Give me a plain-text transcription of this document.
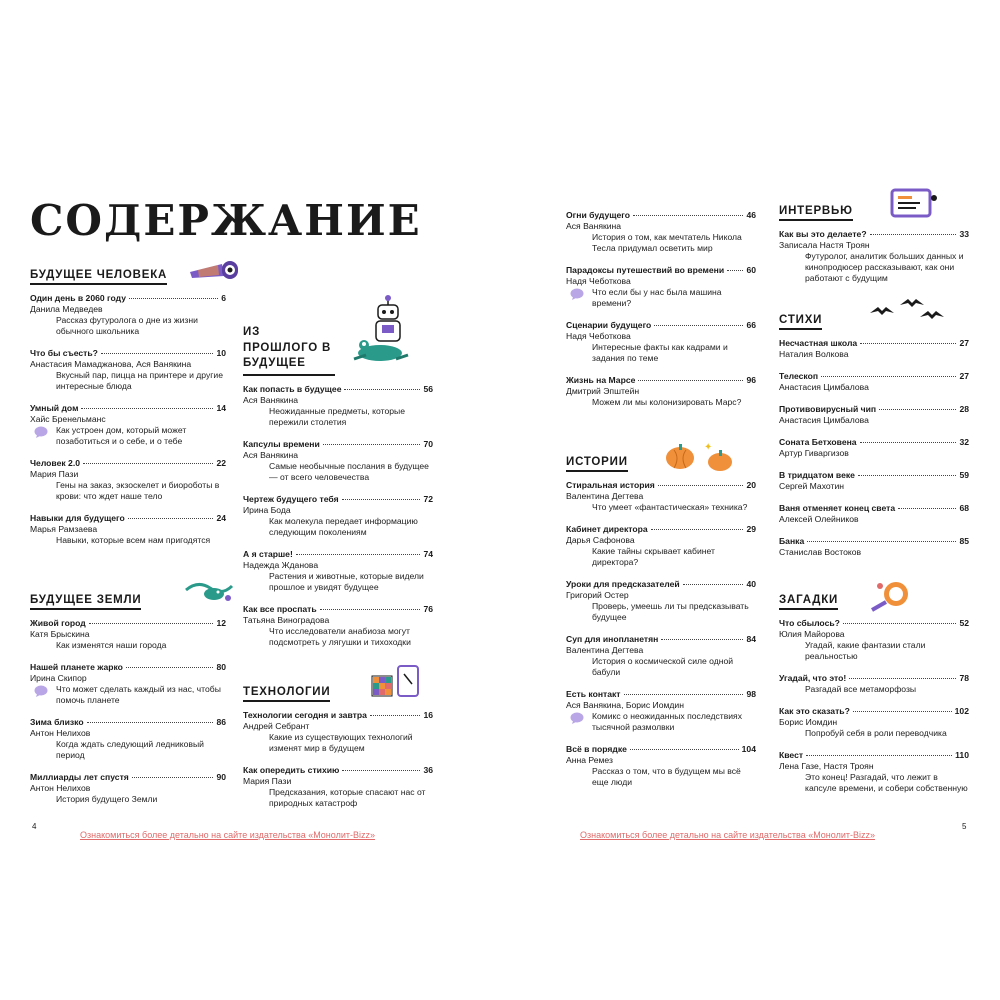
СОДЕРЖАНИЕ
БУДУЩЕЕ ЧЕЛОВЕКА
Один день в 2060 году	6
Данила Медведев
Рассказ футуролога о дне из жизни обычного школьника
Что бы съесть?	10
Анастасия Мамаджанова, Ася Ванякина
Вкусный пар, пицца на принтере и другие интересные блюда
Умный дом	14
Хайс Бренельманс
Как устроен дом, который может позаботиться и о себе, и о тебе
Человек 2.0	22
Мария Пази
Гены на заказ, экзоскелет и биороботы в крови: что ждет наше тело
Навыки для будущего	24
Марья Рамзаева
Навыки, которые всем нам пригодятся
БУДУЩЕЕ ЗЕМЛИ
Живой город	12
Катя Брыскина
Как изменятся наши города
Нашей планете жарко	80
Ирина Скипор
Что может сделать каждый из нас, чтобы помочь планете
Зима близко	86
Антон Нелихов
Когда ждать следующий ледниковый период
Миллиарды лет спустя	90
Антон Нелихов
История будущего Земли
ИЗ ПРОШЛОГО В БУДУЩЕЕ
Как попасть в будущее	56
Ася Ванякина
Неожиданные предметы, которые пережили столетия
Капсулы времени	70
Ася Ванякина
Самые необычные послания в будущее — от всего человечества
Чертеж будущего тебя	72
Ирина Бода
Как молекула передает информацию следующим поколениям
А я старше!	74
Надежда Жданова
Растения и животные, которые видели прошлое и увидят будущее
Как все проспать	76
Татьяна Виноградова
Что исследователи анабиоза могут подсмотреть у лягушки и тихоходки
ТЕХНОЛОГИИ
Технологии сегодня и завтра	16
Андрей Себрант
Какие из существующих технологий изменят мир в будущем
Как опередить стихию	36
Мария Пази
Предсказания, которые спасают нас от природных катастроф
Огни будущего	46
Ася Ванякина
История о том, как мечтатель Никола Тесла придумал осветить мир
Парадоксы путешествий во времени	60
Надя Чеботкова
Что если бы у нас была машина времени?
Сценарии будущего	66
Надя Чеботкова
Интересные факты как кадрами и задания по теме
Жизнь на Марсе	96
Дмитрий Эпштейн
Можем ли мы колонизировать Марс?
ИСТОРИИ
Стиральная история	20
Валентина Дегтева
Что умеет «фантастическая» техника?
Кабинет директора	29
Дарья Сафонова
Какие тайны скрывает кабинет директора?
Уроки для предсказателей	40
Григорий Остер
Проверь, умеешь ли ты предсказывать будущее
Суп для инопланетян	84
Валентина Дегтева
История о космической силе одной бабули
Есть контакт	98
Ася Ванякина, Борис Иомдин
Комикс о неожиданных последствиях тысячной размолвки
Всё в порядке	104
Анна Ремез
Рассказ о том, что в будущем мы всё еще люди
ИНТЕРВЬЮ
Как вы это делаете?	33
Записала Настя Троян
Футуролог, аналитик больших данных и кинопродюсер рассказывают, как они работают с будущим
СТИХИ
Несчастная школа	27
Наталия Волкова
Телескоп	27
Анастасия Цимбалова
Противовирусный чип	28
Анастасия Цимбалова
Соната Бетховена	32
Артур Гиваргизов
В тридцатом веке	59
Сергей Махотин
Ваня отменяет конец света	68
Алексей Олейников
Банка	85
Станислав Востоков
ЗАГАДКИ
Что сбылось?	52
Юлия Майорова
Угадай, какие фантазии стали реальностью
Угадай, что это!	78
Разгадай все метаморфозы
Как это сказать?	102
Борис Иомдин
Попробуй себя в роли переводчика
Квест	110
Лена Газе, Настя Троян
Это конец! Разгадай, что лежит в капсуле времени, и собери собственную
4	5
Ознакомиться более детально на сайте издательства «Монолит-Bizz»	Ознакомиться более детально на сайте издательства «Монолит-Bizz»
✦
